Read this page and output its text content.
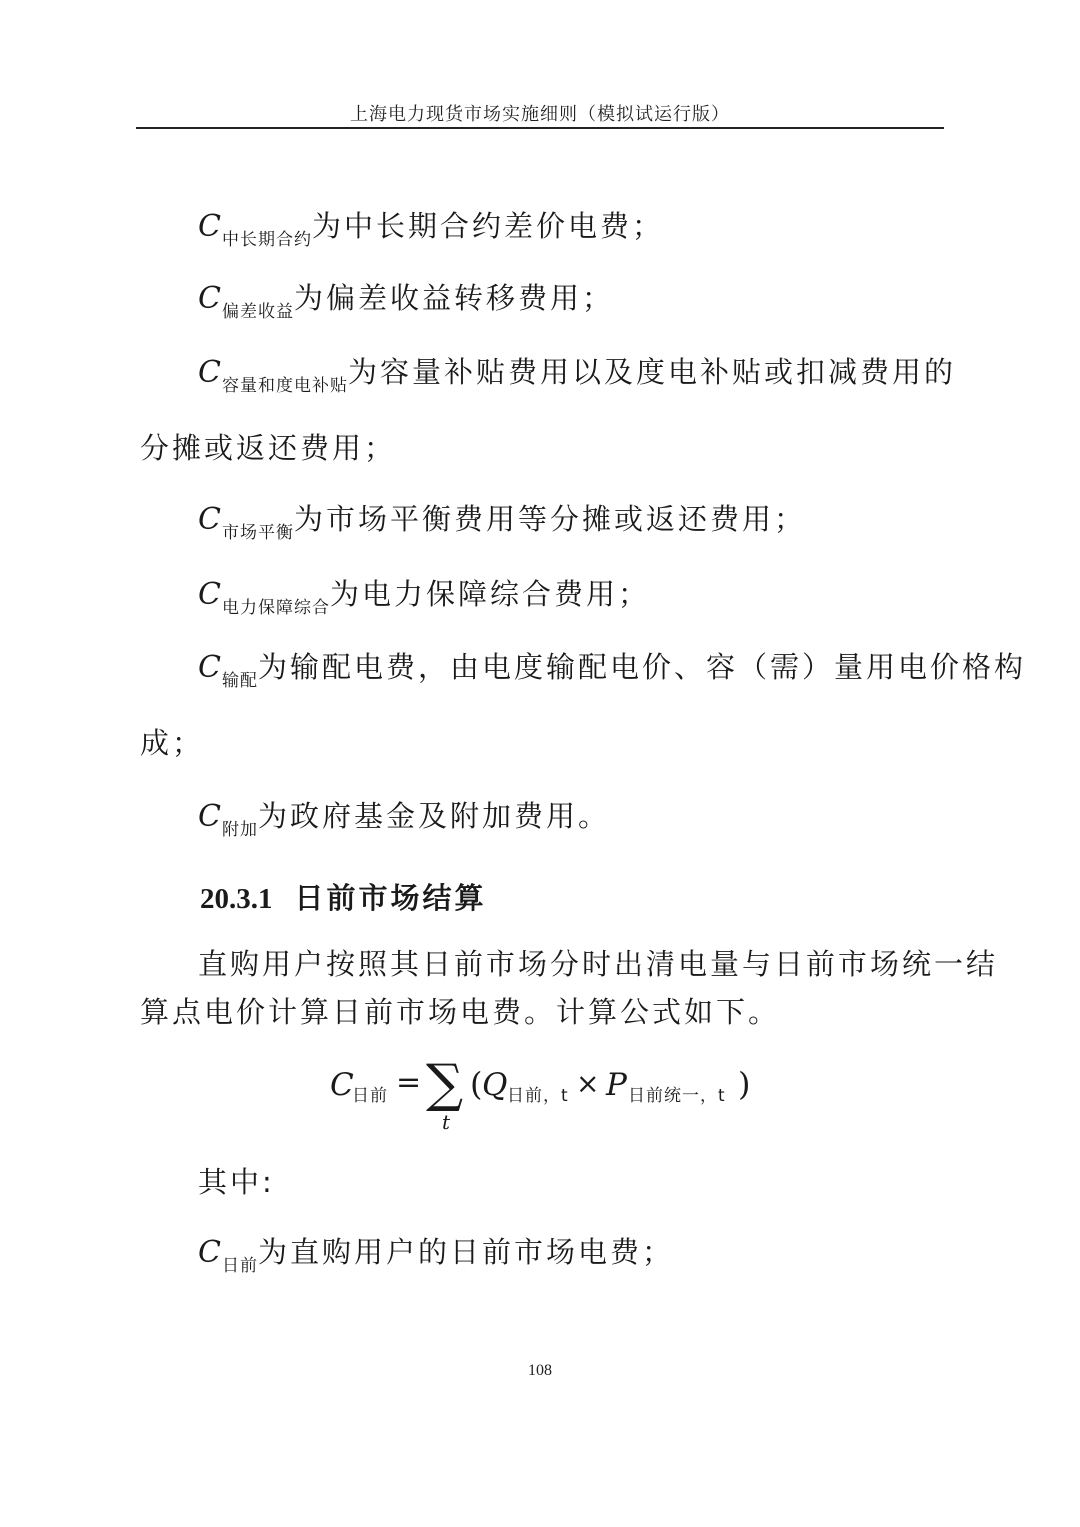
上海电力现货市场实施细则（模拟试运行版）
$C_{中长期合约}$为中长期合约差价电费；
$C_{偏差收益}$为偏差收益转移费用；
$C_{容量和度电补贴}$为容量补贴费用以及度电补贴或扣减费用的
分摊或返还费用；
$C_{市场平衡}$为市场平衡费用等分摊或返还费用；
$C_{电力保障综合}$为电力保障综合费用；
$C_{输配}$为输配电费，由电度输配电价、容（需）量用电价格构
成；
$C_{附加}$为政府基金及附加费用。
20.3.1 日前市场结算
直购用户按照其日前市场分时出清电量与日前市场统一结
算点电价计算日前市场电费。计算公式如下。
C
日前 = ∑
t
( Q 日前，t × P 日前统一，t )
其中:
$C_{日前}$为直购用户的日前市场电费；
108
